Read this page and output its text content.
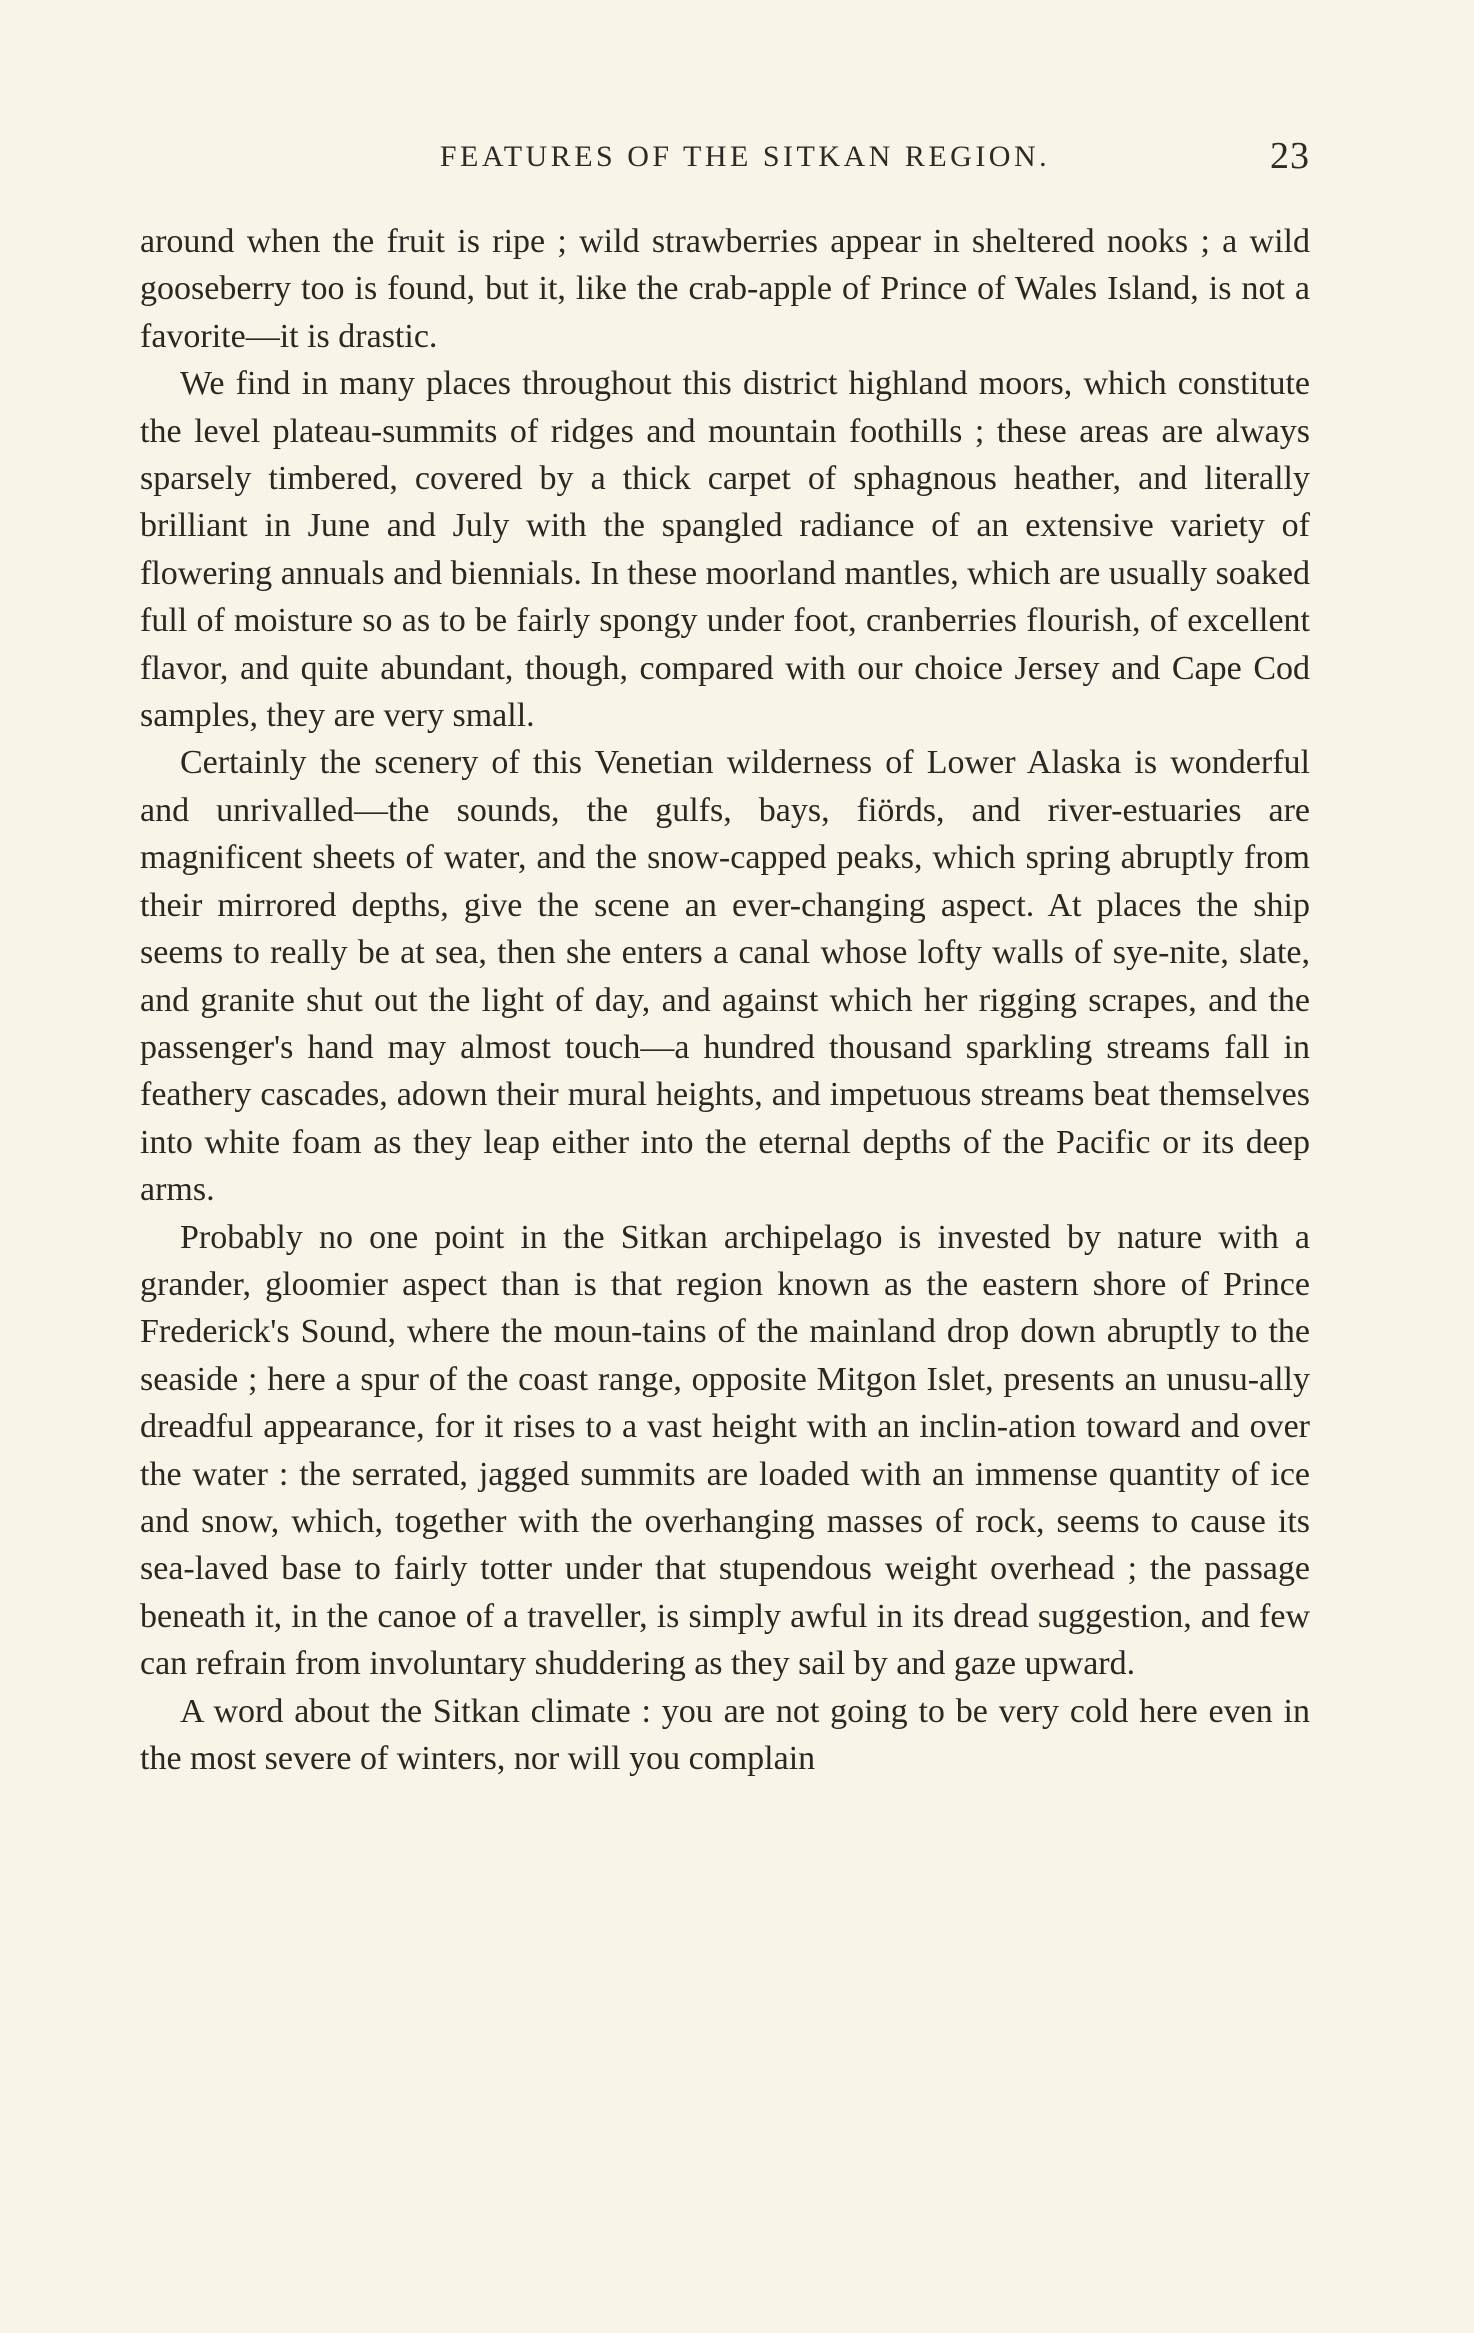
FEATURES OF THE SITKAN REGION.	23

around when the fruit is ripe ; wild strawberries appear in sheltered nooks ; a wild gooseberry too is found, but it, like the crab-apple of Prince of Wales Island, is not a favorite—it is drastic.

We find in many places throughout this district highland moors, which constitute the level plateau-summits of ridges and mountain foothills ; these areas are always sparsely timbered, covered by a thick carpet of sphagnous heather, and literally brilliant in June and July with the spangled radiance of an extensive variety of flowering annuals and biennials. In these moorland mantles, which are usually soaked full of moisture so as to be fairly spongy under foot, cranberries flourish, of excellent flavor, and quite abundant, though, compared with our choice Jersey and Cape Cod samples, they are very small.

Certainly the scenery of this Venetian wilderness of Lower Alaska is wonderful and unrivalled—the sounds, the gulfs, bays, fiörds, and river-estuaries are magnificent sheets of water, and the snow-capped peaks, which spring abruptly from their mirrored depths, give the scene an ever-changing aspect. At places the ship seems to really be at sea, then she enters a canal whose lofty walls of sye-nite, slate, and granite shut out the light of day, and against which her rigging scrapes, and the passenger's hand may almost touch—a hundred thousand sparkling streams fall in feathery cascades, adown their mural heights, and impetuous streams beat themselves into white foam as they leap either into the eternal depths of the Pacific or its deep arms.

Probably no one point in the Sitkan archipelago is invested by nature with a grander, gloomier aspect than is that region known as the eastern shore of Prince Frederick's Sound, where the moun-tains of the mainland drop down abruptly to the seaside ; here a spur of the coast range, opposite Mitgon Islet, presents an unusu-ally dreadful appearance, for it rises to a vast height with an inclin-ation toward and over the water : the serrated, jagged summits are loaded with an immense quantity of ice and snow, which, together with the overhanging masses of rock, seems to cause its sea-laved base to fairly totter under that stupendous weight overhead ; the passage beneath it, in the canoe of a traveller, is simply awful in its dread suggestion, and few can refrain from involuntary shuddering as they sail by and gaze upward.

A word about the Sitkan climate : you are not going to be very cold here even in the most severe of winters, nor will you complain
